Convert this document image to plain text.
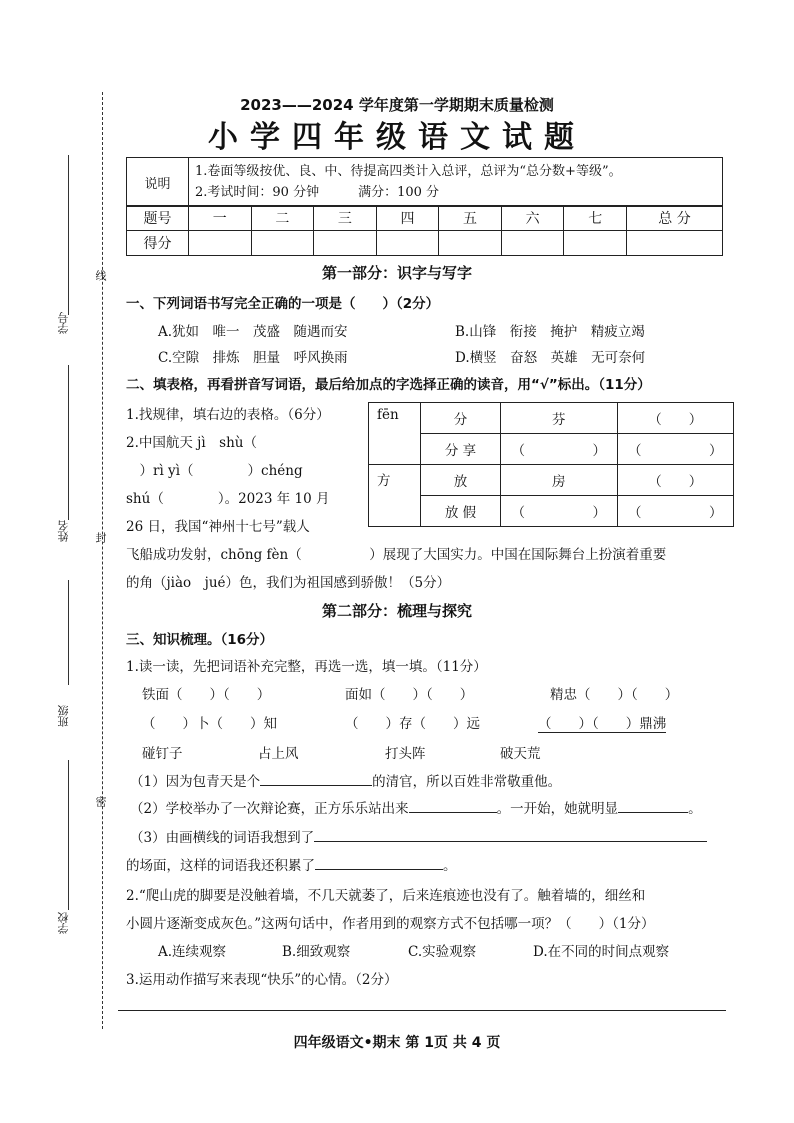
线
封
密
学号
姓名
班级
学校
2023——2024 学年度第一学期期末质量检测
小学四年级语文试题
说明	
1.卷面等级按优、良、中、待提高四类计入总评，总评为“总分数+等级”。
2.考试时间：90 分钟　　　满分：100 分
题号	一	二	三	四	五	六	七	总 分
得分								
第一部分：识字与写字
一、下列词语书写完全正确的一项是（　　）（2分）
A.犹如　唯一　茂盛　随遇而安	B.山锋　衔接　掩护　精疲立竭
C.空隙　排炼　胆量　呼风换雨	D.横竖　奋怒　英雄　无可奈何
二、填表格，再看拼音写词语，最后给加点的字选择正确的读音，用“√”标出。（11分）
1.找规律，填右边的表格。（6分）
2.中国航天 jì　shù（
　）rì yì（　　　　）chéng
shú（　　　　）。2023 年 10 月
26 日，我国“神州十七号”载人
飞船成功发射，chōng fèn（　　　　　）展现了大国实力。中国在国际舞台上扮演着重要
的角（jiào　jué）色，我们为祖国感到骄傲！（5分）
fēn	分	芬	（　　）
	分 享	（　　　　　）	（　　　　　）
方	放	房	（　　）
	放 假	（　　　　　）	（　　　　　）
第二部分：梳理与探究
三、知识梳理。（16分）
1.读一读，先把词语补充完整，再选一选，填一填。（11分）
铁面（　　）（　　）	面如（　　）（　　）	精忠（　　）（　　）
（　　）卜（　　）知	（　　）存（　　）远	（　　）（　　）鼎沸
碰钉子	占上风	打头阵	破天荒
（1）因为包青天是个	的清官，所以百姓非常敬重他。
（2）学校举办了一次辩论赛，正方乐乐站出来	。一开始，她就明显	。
（3）由画横线的词语我想到了
的场面，这样的词语我还积累了	。
2.“爬山虎的脚要是没触着墙，不几天就萎了，后来连痕迹也没有了。触着墙的，细丝和
小圆片逐渐变成灰色。”这两句话中，作者用到的观察方式不包括哪一项？（　　）（1分）
A.连续观察	B.细致观察	C.实验观察	D.在不同的时间点观察
3.运用动作描写来表现“快乐”的心情。（2分）
四年级语文•期末 第 1页 共 4 页
